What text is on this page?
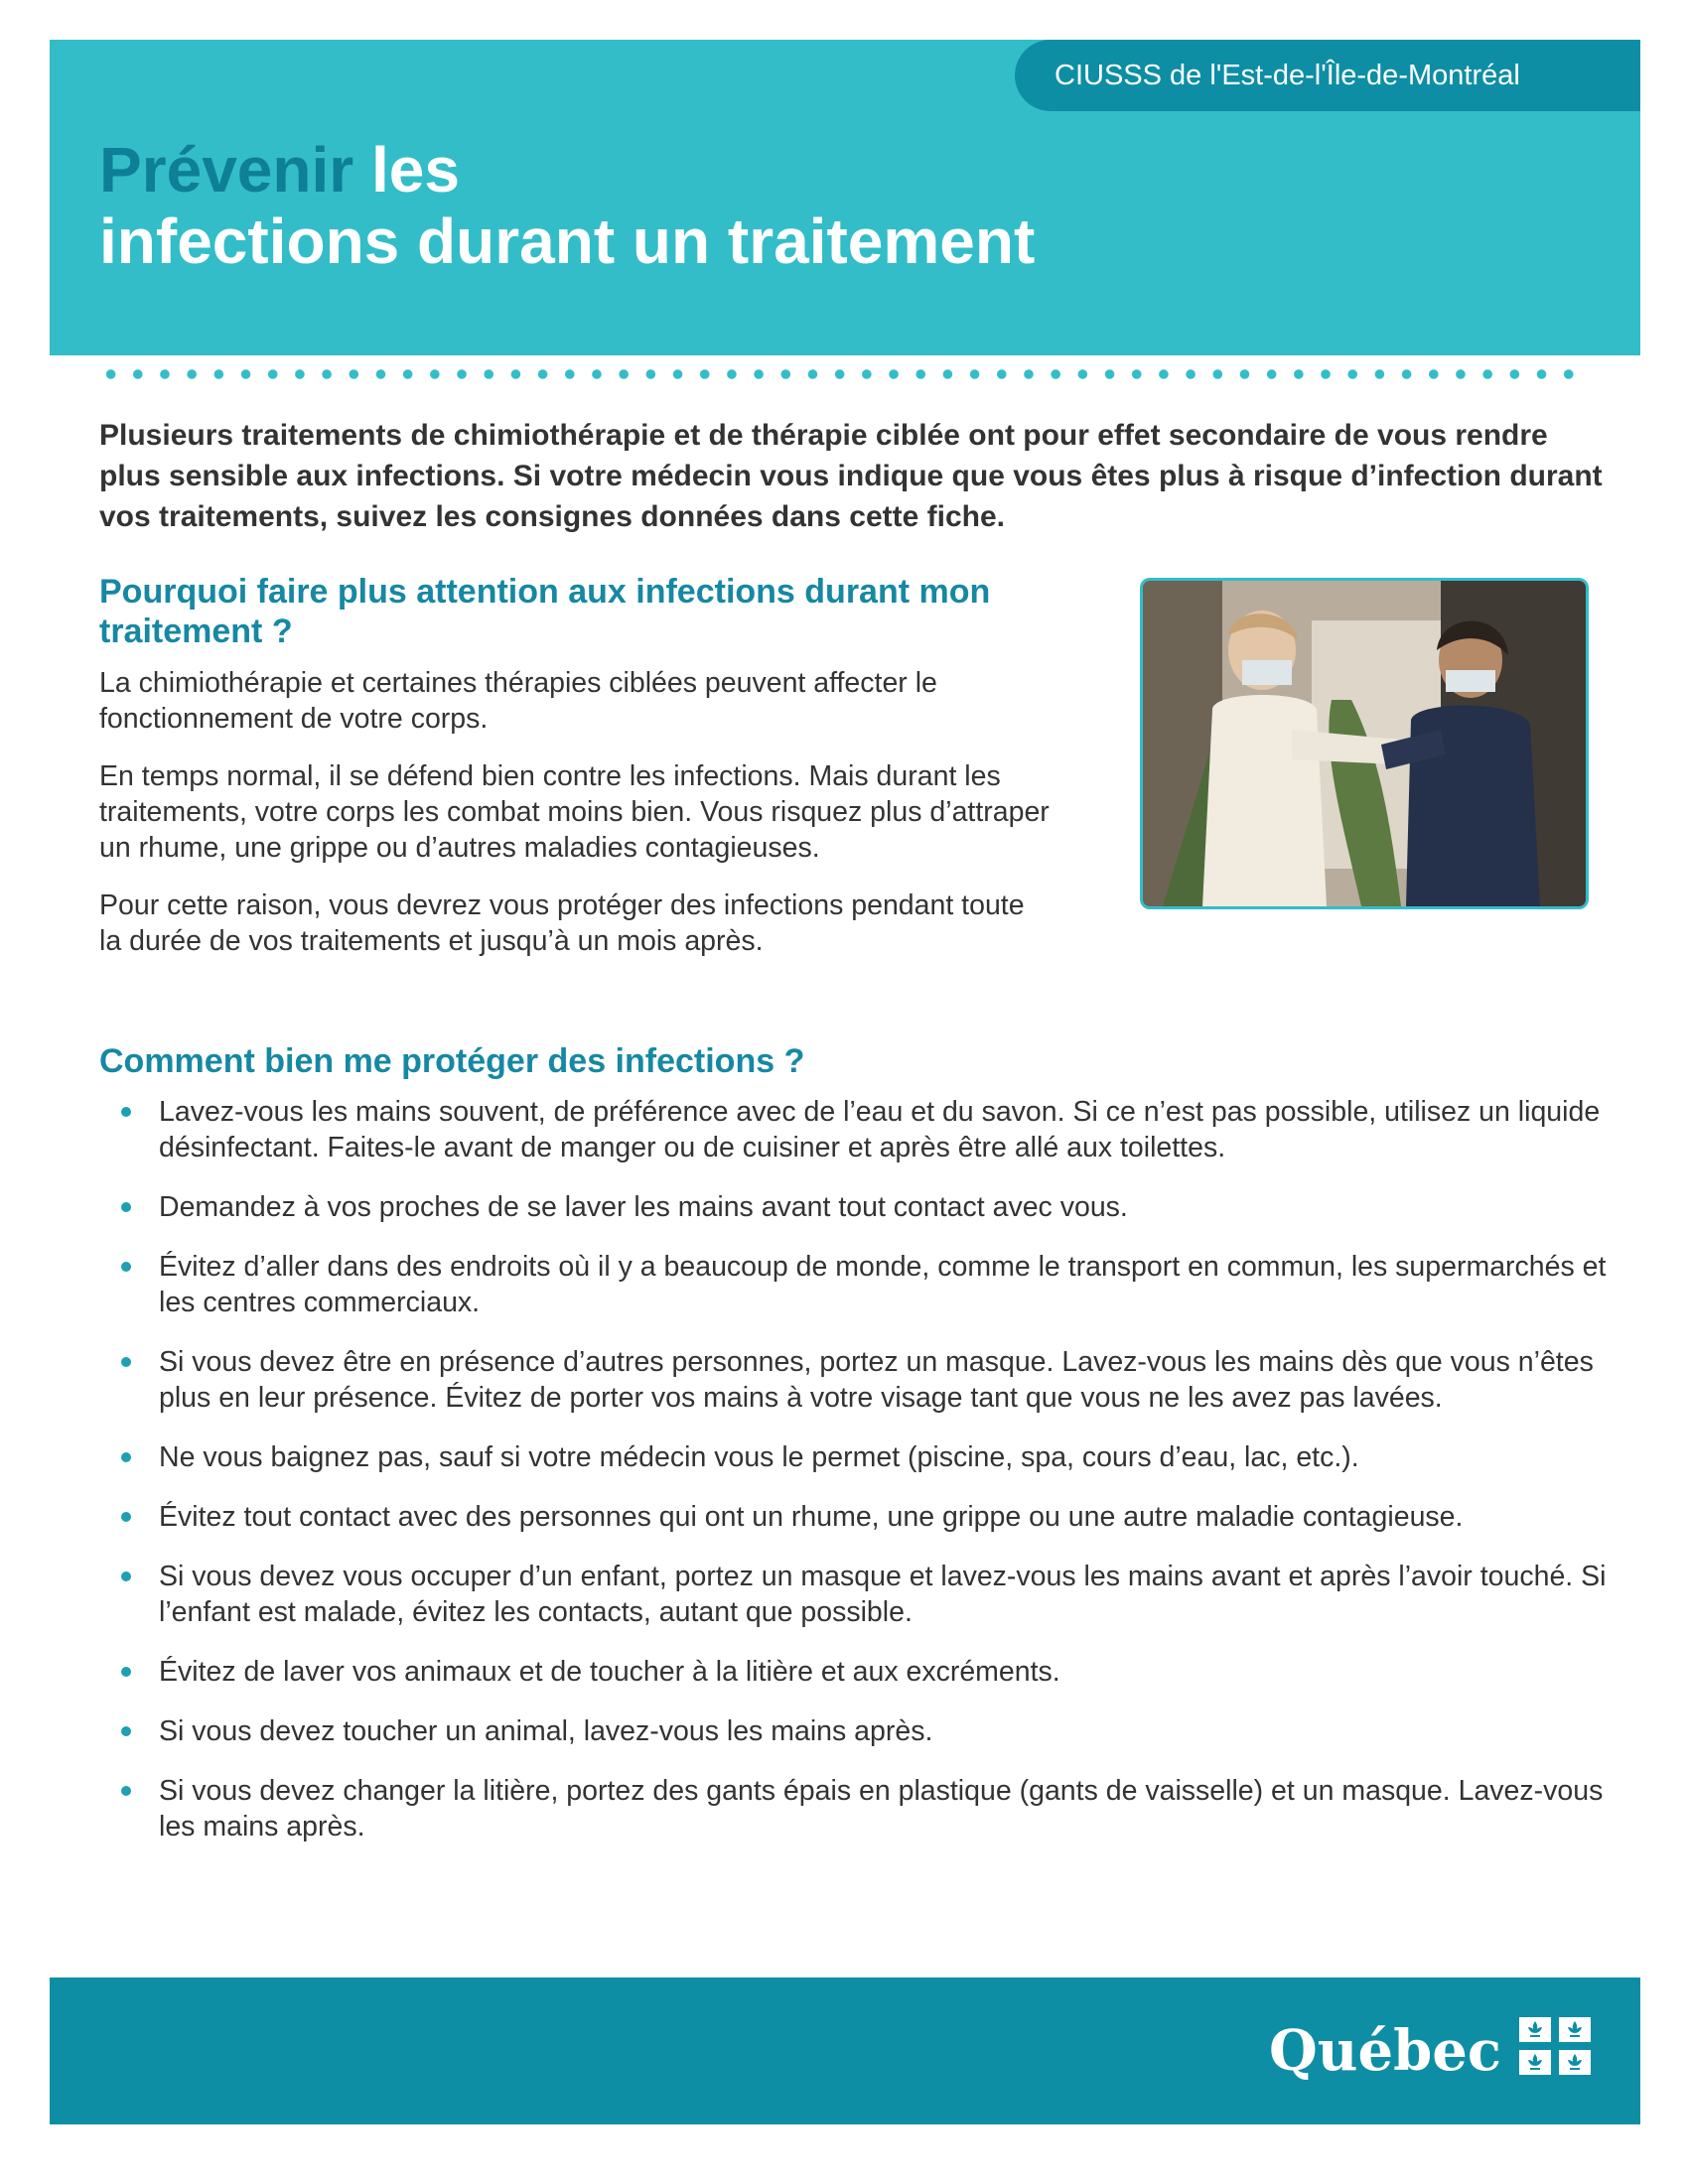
CIUSSS de l'Est-de-l'Île-de-Montréal
Prévenir les
infections durant un traitement

Plusieurs traitements de chimiothérapie et de thérapie ciblée ont pour effet secondaire de vous rendre plus sensible aux infections. Si votre médecin vous indique que vous êtes plus à risque d’infection durant vos traitements, suivez les consignes données dans cette fiche.

Pourquoi faire plus attention aux infections durant mon traitement ?

La chimiothérapie et certaines thérapies ciblées peuvent affecter le fonctionnement de votre corps.

En temps normal, il se défend bien contre les infections. Mais durant les traitements, votre corps les combat moins bien. Vous risquez plus d’attraper un rhume, une grippe ou d’autres maladies contagieuses.

Pour cette raison, vous devrez vous protéger des infections pendant toute la durée de vos traitements et jusqu’à un mois après.

Comment bien me protéger des infections ?
Lavez-vous les mains souvent, de préférence avec de l’eau et du savon. Si ce n’est pas possible, utilisez un liquide désinfectant. Faites-le avant de manger ou de cuisiner et après être allé aux toilettes.
Demandez à vos proches de se laver les mains avant tout contact avec vous.
Évitez d’aller dans des endroits où il y a beaucoup de monde, comme le transport en commun, les supermarchés et les centres commerciaux.
Si vous devez être en présence d’autres personnes, portez un masque. Lavez-vous les mains dès que vous n’êtes plus en leur présence. Évitez de porter vos mains à votre visage tant que vous ne les avez pas lavées.
Ne vous baignez pas, sauf si votre médecin vous le permet (piscine, spa, cours d’eau, lac, etc.).
Évitez tout contact avec des personnes qui ont un rhume, une grippe ou une autre maladie contagieuse.
Si vous devez vous occuper d’un enfant, portez un masque et lavez-vous les mains avant et après l’avoir touché. Si l’enfant est malade, évitez les contacts, autant que possible.
Évitez de laver vos animaux et de toucher à la litière et aux excréments.
Si vous devez toucher un animal, lavez-vous les mains après.
Si vous devez changer la litière, portez des gants épais en plastique (gants de vaisselle) et un masque. Lavez-vous les mains après.
Québec
